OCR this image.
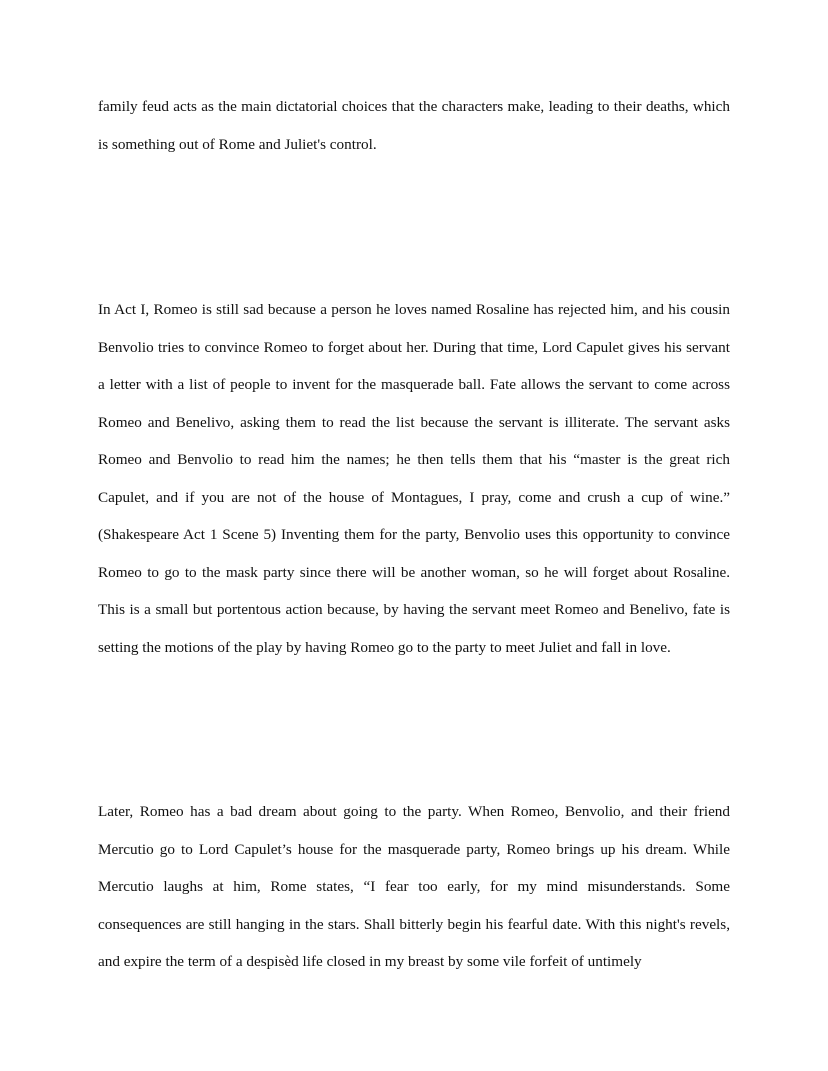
family feud acts as the main dictatorial choices that the characters make, leading to their deaths, which is something out of Rome and Juliet's control.

In Act I, Romeo is still sad because a person he loves named Rosaline has rejected him, and his cousin Benvolio tries to convince Romeo to forget about her. During that time, Lord Capulet gives his servant a letter with a list of people to invent for the masquerade ball. Fate allows the servant to come across Romeo and Benelivo, asking them to read the list because the servant is illiterate. The servant asks Romeo and Benvolio to read him the names; he then tells them that his “master is the great rich Capulet, and if you are not of the house of Montagues, I pray, come and crush a cup of wine.” (Shakespeare Act 1 Scene 5) Inventing them for the party, Benvolio uses this opportunity to convince Romeo to go to the mask party since there will be another woman, so he will forget about Rosaline. This is a small but portentous action because, by having the servant meet Romeo and Benelivo, fate is setting the motions of the play by having Romeo go to the party to meet Juliet and fall in love.

Later, Romeo has a bad dream about going to the party. When Romeo, Benvolio, and their friend Mercutio go to Lord Capulet’s house for the masquerade party, Romeo brings up his dream. While Mercutio laughs at him, Rome states, “I fear too early, for my mind misunderstands. Some consequences are still hanging in the stars. Shall bitterly begin his fearful date. With this night's revels, and expire the term of a despisèd life closed in my breast by some vile forfeit of untimely
